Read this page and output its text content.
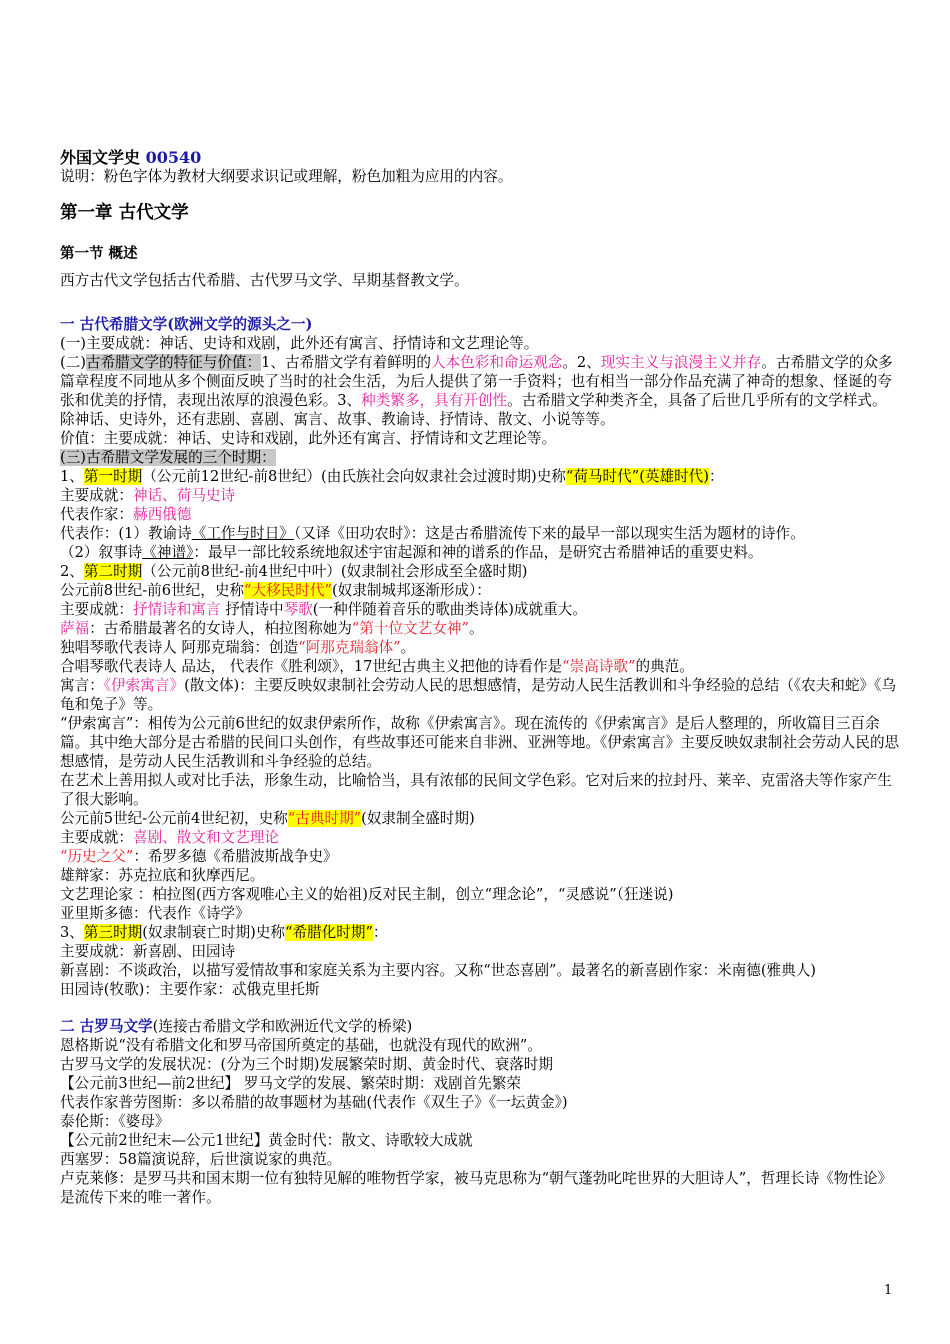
外国文学史 00540
说明：粉色字体为教材大纲要求识记或理解，粉色加粗为应用的内容。
第一章 古代文学
第一节 概述
西方古代文学包括古代希腊、古代罗马文学、早期基督教文学。
一 古代希腊文学(欧洲文学的源头之一)
(一)主要成就：神话、史诗和戏剧，此外还有寓言、抒情诗和文艺理论等。
(二)古希腊文学的特征与价值：1、古希腊文学有着鲜明的人本色彩和命运观念。2、现实主义与浪漫主义并存。古希腊文学的众多篇章程度不同地从多个侧面反映了当时的社会生活，为后人提供了第一手资料；也有相当一部分作品充满了神奇的想象、怪诞的夸张和优美的抒情，表现出浓厚的浪漫色彩。3、种类繁多，具有开创性。古希腊文学种类齐全，具备了后世几乎所有的文学样式。除神话、史诗外，还有悲剧、喜剧、寓言、故事、教谕诗、抒情诗、散文、小说等等。
价值：主要成就：神话、史诗和戏剧，此外还有寓言、抒情诗和文艺理论等。
(三)古希腊文学发展的三个时期：
1、第一时期（公元前12世纪-前8世纪）(由氏族社会向奴隶社会过渡时期)史称“荷马时代”(英雄时代)：
主要成就：神话、荷马史诗
代表作家：赫西俄德
代表作：(1）教谕诗《工作与时日》（又译《田功农时》：这是古希腊流传下来的最早一部以现实生活为题材的诗作。
（2）叙事诗《神谱》：最早一部比较系统地叙述宇宙起源和神的谱系的作品，是研究古希腊神话的重要史料。
2、第二时期（公元前8世纪-前4世纪中叶）(奴隶制社会形成至全盛时期)
公元前8世纪-前6世纪，史称“大移民时代”(奴隶制城邦逐渐形成）：
主要成就：抒情诗和寓言 抒情诗中琴歌(一种伴随着音乐的歌曲类诗体)成就重大。
萨福：古希腊最著名的女诗人，柏拉图称她为“第十位文艺女神”。
独唱琴歌代表诗人 阿那克瑞翁：创造“阿那克瑞翁体”。
合唱琴歌代表诗人 品达， 代表作《胜利颂》，17世纪古典主义把他的诗看作是“崇高诗歌”的典范。
寓言：《伊索寓言》(散文体)：主要反映奴隶制社会劳动人民的思想感情，是劳动人民生活教训和斗争经验的总结（《农夫和蛇》《乌龟和兔子》等。
“伊索寓言”：相传为公元前6世纪的奴隶伊索所作，故称《伊索寓言》。现在流传的《伊索寓言》是后人整理的，所收篇目三百余篇。其中绝大部分是古希腊的民间口头创作，有些故事还可能来自非洲、亚洲等地。《伊索寓言》主要反映奴隶制社会劳动人民的思想感情，是劳动人民生活教训和斗争经验的总结。
在艺术上善用拟人或对比手法，形象生动，比喻恰当，具有浓郁的民间文学色彩。它对后来的拉封丹、莱辛、克雷洛夫等作家产生了很大影响。
公元前5世纪-公元前4世纪初，史称“古典时期”(奴隶制全盛时期)
主要成就：喜剧、散文和文艺理论
“历史之父”：希罗多德《希腊波斯战争史》
雄辩家：苏克拉底和狄摩西尼。
文艺理论家 ：柏拉图(西方客观唯心主义的始祖)反对民主制，创立“理念论”，“灵感说”（狂迷说)
亚里斯多德：代表作《诗学》
3、第三时期(奴隶制衰亡时期)史称“希腊化时期”：
主要成就：新喜剧、田园诗
新喜剧：不谈政治，以描写爱情故事和家庭关系为主要内容。又称“世态喜剧”。最著名的新喜剧作家：米南德(雅典人)
田园诗(牧歌)：主要作家：忒俄克里托斯
二 古罗马文学(连接古希腊文学和欧洲近代文学的桥梁)
恩格斯说“没有希腊文化和罗马帝国所奠定的基础，也就没有现代的欧洲”。
古罗马文学的发展状况：(分为三个时期)发展繁荣时期、黄金时代、衰落时期
【公元前3世纪—前2世纪】 罗马文学的发展、繁荣时期：戏剧首先繁荣
代表作家普劳图斯：多以希腊的故事题材为基础(代表作《双生子》《一坛黄金》)
泰伦斯：《婆母》
【公元前2世纪末—公元1世纪】黄金时代：散文、诗歌较大成就
西塞罗：58篇演说辞，后世演说家的典范。
卢克莱修：是罗马共和国末期一位有独特见解的唯物哲学家，被马克思称为“朝气蓬勃叱咤世界的大胆诗人”，哲理长诗《物性论》是流传下来的唯一著作。
1
